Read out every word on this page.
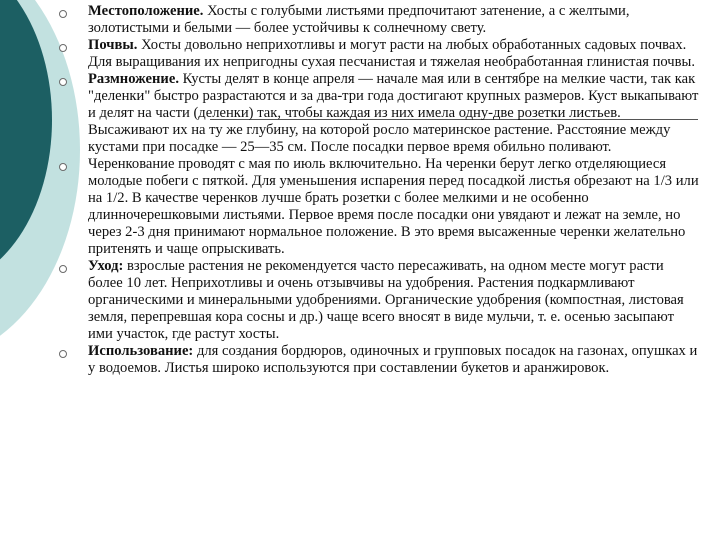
Местоположение. Хосты с голубыми листьями предпочитают затенение, а с желтыми, золотистыми и белыми — более устойчивы к солнечному свету.
Почвы. Хосты довольно неприхотливы и могут расти на любых обработанных садовых почвах. Для выращивания их непригодны сухая песчанистая и тяжелая необработанная глинистая почвы.
Размножение. Кусты делят в конце апреля — начале мая или в сентябре на мелкие части, так как "деленки" быстро разрастаются и за два-три года достигают крупных размеров. Куст выкапывают и делят на части (деленки) так, чтобы каждая из них имела одну-две розетки листьев. Высаживают их на ту же глубину, на которой росло материнское растение. Расстояние между кустами при посадке — 25—35 см. После посадки первое время обильно поливают.
Черенкование проводят с мая по июль включительно. На черенки берут легко отделяющиеся молодые побеги с пяткой. Для уменьшения испарения перед посадкой листья обрезают на 1/3 или на 1/2. В качестве черенков лучше брать розетки с более мелкими и не особенно длинночерешковыми листьями. Первое время после посадки они увядают и лежат на земле, но через 2-3 дня принимают нормальное положение. В это время высаженные черенки желательно притенять и чаще опрыскивать.
Уход: взрослые растения не рекомендуется часто пересаживать, на одном месте могут расти более 10 лет. Неприхотливы и очень отзывчивы на удобрения. Растения подкармливают органическими и минеральными удобрениями. Органические удобрения (компостная, листовая земля, перепревшая кора сосны и др.) чаще всего вносят в виде мульчи, т. е. осенью засыпают ими участок, где растут хосты.
Использование: для создания бордюров, одиночных и групповых посадок на газонах, опушках и у водоемов. Листья широко используются при составлении букетов и аранжировок.
